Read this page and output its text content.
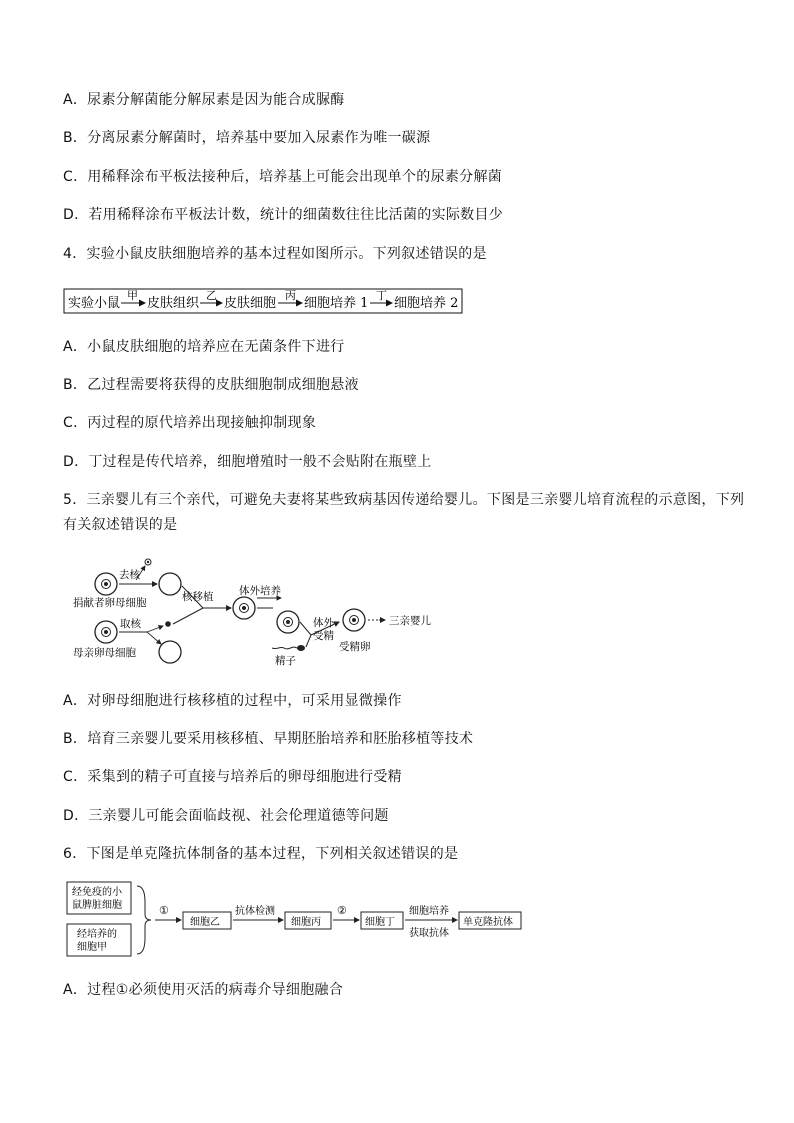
A．尿素分解菌能分解尿素是因为能合成脲酶
B．分离尿素分解菌时，培养基中要加入尿素作为唯一碳源
C．用稀释涂布平板法接种后，培养基上可能会出现单个的尿素分解菌
D．若用稀释涂布平板法计数，统计的细菌数往往比活菌的实际数目少
4．实验小鼠皮肤细胞培养的基本过程如图所示。下列叙述错误的是
实验小鼠
甲
皮肤组织
乙
皮肤细胞
丙
细胞培养 1
丁
细胞培养 2
A．小鼠皮肤细胞的培养应在无菌条件下进行
B．乙过程需要将获得的皮肤细胞制成细胞悬液
C．丙过程的原代培养出现接触抑制现象
D．丁过程是传代培养，细胞增殖时一般不会贴附在瓶壁上
5．三亲婴儿有三个亲代，可避免夫妻将某些致病基因传递给婴儿。下图是三亲婴儿培育流程的示意图，下列
有关叙述错误的是
捐献者卵母细胞
去核
母亲卵母细胞
取核
核移植 体外培养
精子
体外
受精
受精卵
三亲婴儿
A．对卵母细胞进行核移植的过程中，可采用显微操作
B．培育三亲婴儿要采用核移植、早期胚胎培养和胚胎移植等技术
C．采集到的精子可直接与培养后的卵母细胞进行受精
D．三亲婴儿可能会面临歧视、社会伦理道德等问题
6．下图是单克隆抗体制备的基本过程，下列相关叙述错误的是
经免疫的小
鼠脾脏细胞
经培养的
细胞甲
①
细胞乙
抗体检测
细胞丙
②
细胞丁
细胞培养
获取抗体
单克隆抗体
A．过程①必须使用灭活的病毒介导细胞融合
